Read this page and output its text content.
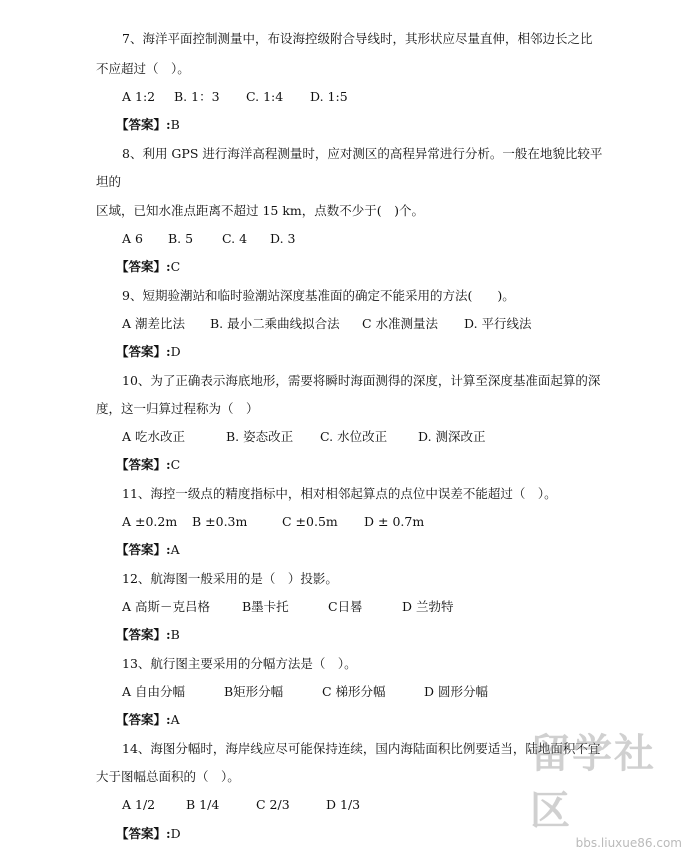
7、海洋平面控制测量中，布设海控级附合导线时，其形状应尽量直伸，相邻边长之比
不应超过（　）。
A 1:2 B. 1：3 C. 1:4 D. 1:5
【答案】:B
8、利用 GPS 进行海洋高程测量时，应对测区的高程异常进行分析。一般在地貌比较平
坦的
区域，已知水准点距离不超过 15 km，点数不少于(　)个。
A 6 B. 5 C. 4 D. 3
【答案】:C
9、短期验潮站和临时验潮站深度基准面的确定不能采用的方法(　　)。
A 潮差比法 B. 最小二乘曲线拟合法 C 水准测量法 D. 平行线法
【答案】:D
10、为了正确表示海底地形，需要将瞬时海面测得的深度，计算至深度基准面起算的深
度，这一归算过程称为（　）
A 吃水改正	B. 姿态改正 C. 水位改正 D. 测深改正
【答案】:C
11、海控一级点的精度指标中，相对相邻起算点的点位中误差不能超过（　）。
A ±0.2m B ±0.3m	C ±0.5m D ± 0.7m
【答案】:A
12、航海图一般采用的是（　）投影。
A 高斯－克吕格	B墨卡托	C日晷	D 兰勃特
【答案】:B
13、航行图主要采用的分幅方法是（　）。
A 自由分幅	B矩形分幅	C 梯形分幅	D 圆形分幅
【答案】:A
14、海图分幅时，海岸线应尽可能保持连续，国内海陆面积比例要适当，陆地面积不宜
大于图幅总面积的（　）。
A 1/2 B 1/4	C 2/3	D 1/3
【答案】:D
留学社区
bbs.liuxue86.com
